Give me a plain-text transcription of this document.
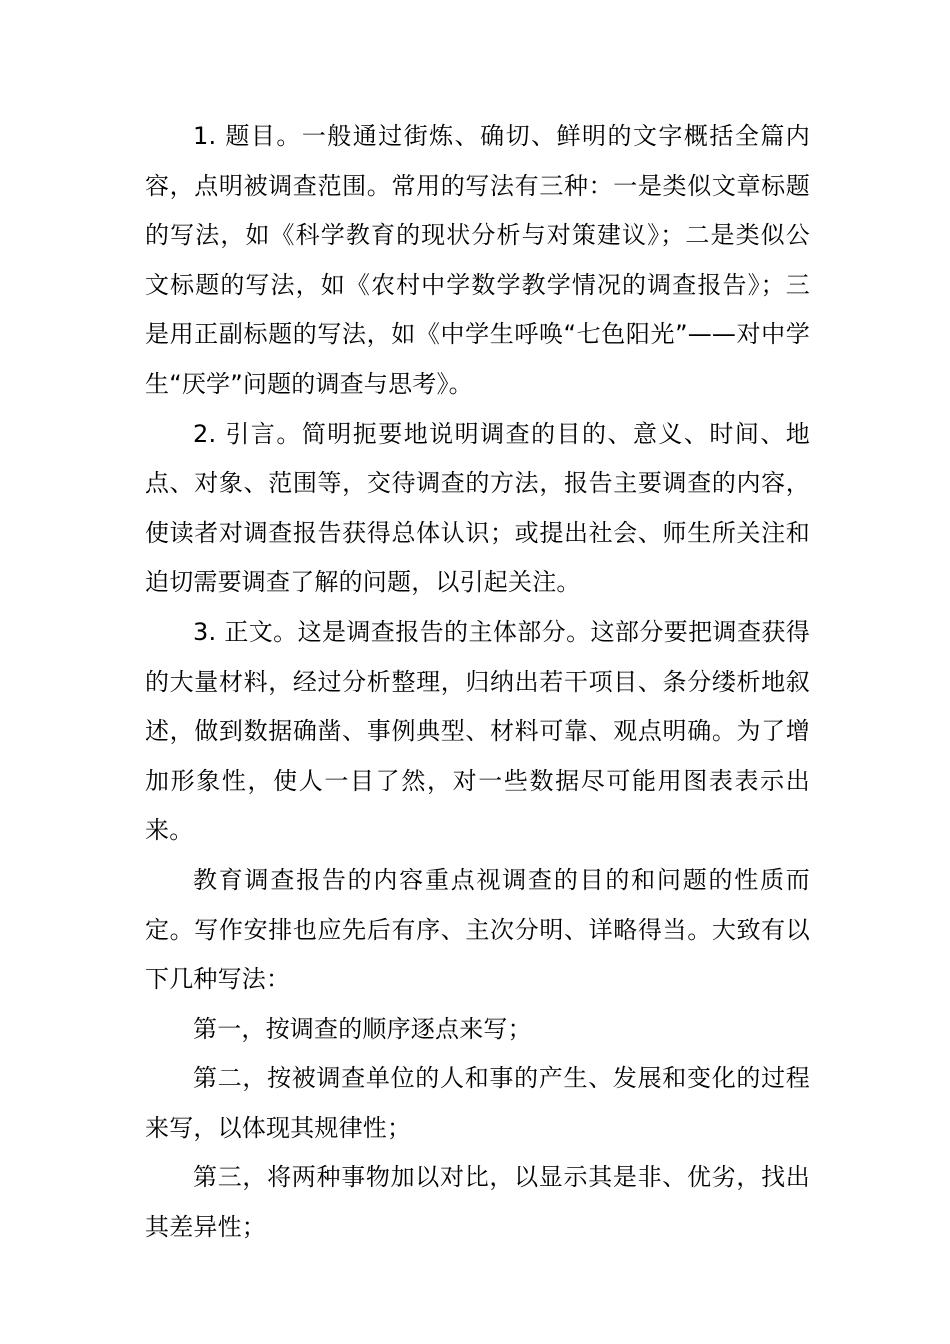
1. 题目。一般通过街炼、确切、鲜明的文字概括全篇内容，点明被调查范围。常用的写法有三种：一是类似文章标题的写法，如《科学教育的现状分析与对策建议》；二是类似公文标题的写法，如《农村中学数学教学情况的调查报告》；三是用正副标题的写法，如《中学生呼唤“七色阳光”——对中学生“厌学”问题的调查与思考》。

2. 引言。简明扼要地说明调查的目的、意义、时间、地点、对象、范围等，交待调查的方法，报告主要调查的内容，使读者对调查报告获得总体认识；或提出社会、师生所关注和迫切需要调查了解的问题，以引起关注。

3. 正文。这是调查报告的主体部分。这部分要把调查获得的大量材料，经过分析整理，归纳出若干项目、条分缕析地叙述，做到数据确凿、事例典型、材料可靠、观点明确。为了增加形象性，使人一目了然，对一些数据尽可能用图表表示出来。

教育调查报告的内容重点视调查的目的和问题的性质而定。写作安排也应先后有序、主次分明、详略得当。大致有以下几种写法：

第一，按调查的顺序逐点来写；

第二，按被调查单位的人和事的产生、发展和变化的过程来写，以体现其规律性；

第三，将两种事物加以对比，以显示其是非、优劣，找出其差异性；
